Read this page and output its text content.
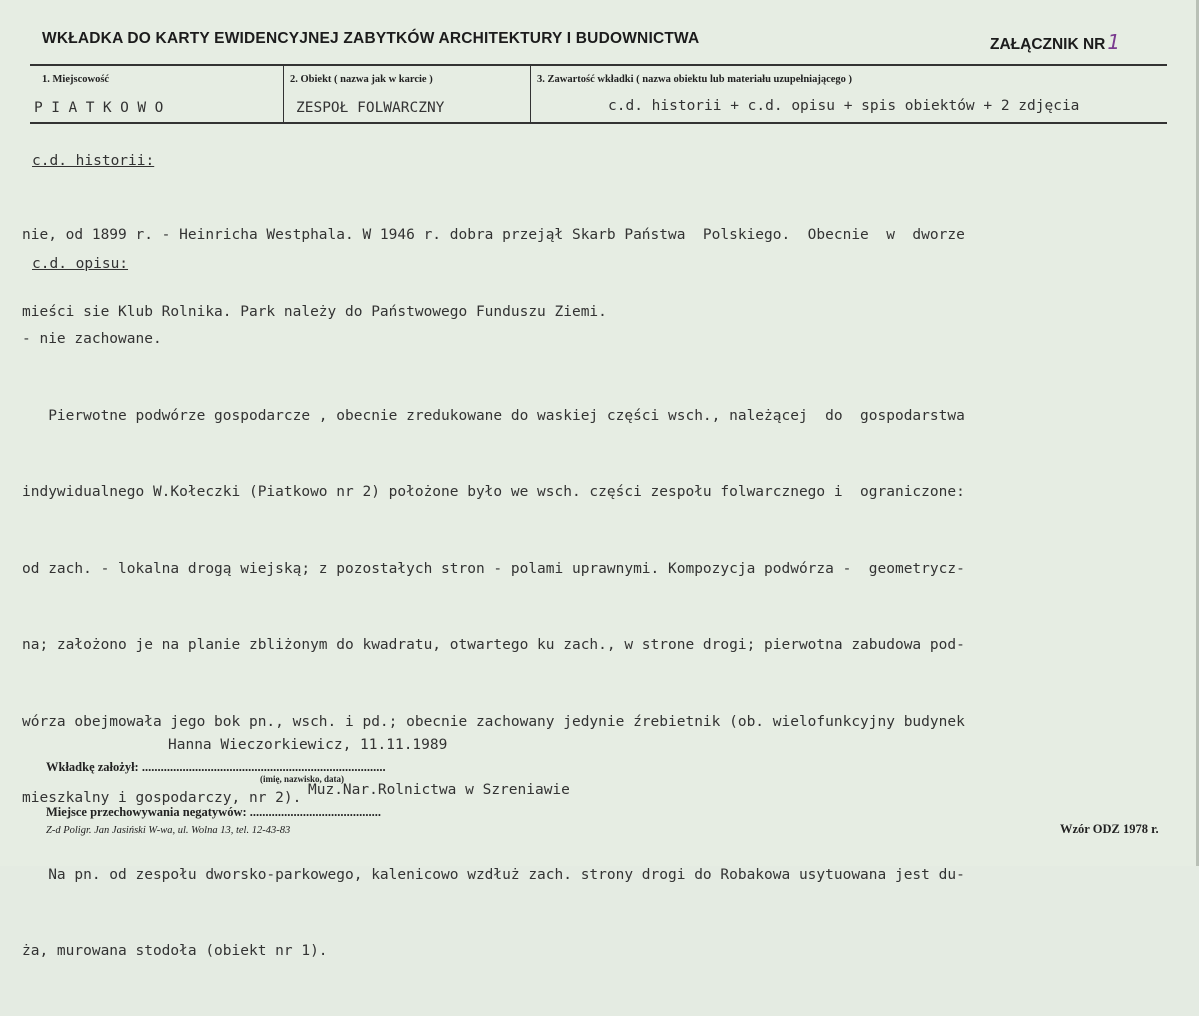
WKŁADKA DO KARTY EWIDENCYJNEJ ZABYTKÓW ARCHITEKTURY I BUDOWNICTWA	ZAŁĄCZNIK NR 1
1. Miejscowość
PIATKOWO
2. Obiekt ( nazwa jak w karcie )
ZESPOŁ FOLWARCZNY
3. Zawartość wkładki ( nazwa obiektu lub materiału uzupełniającego )
c.d. historii + c.d. opisu + spis obiektów + 2 zdjęcia
c.d. historii:

nie, od 1899 r. - Heinricha Westphala. W 1946 r. dobra przejął Skarb Państwa  Polskiego.  Obecnie  w  dworze

mieści sie Klub Rolnika. Park należy do Państwowego Funduszu Ziemi.

c.d. opisu:

- nie zachowane.

Pierwotne podwórze gospodarcze , obecnie zredukowane do waskiej części wsch., należącej  do  gospodarstwa

indywidualnego W.Kołeczki (Piatkowo nr 2) położone było we wsch. części zespołu folwarcznego i  ograniczone:

od zach. - lokalna drogą wiejską; z pozostałych stron - polami uprawnymi. Kompozycja podwórza -  geometrycz-

na; założono je na planie zbliżonym do kwadratu, otwartego ku zach., w strone drogi; pierwotna zabudowa pod-

wórza obejmowała jego bok pn., wsch. i pd.; obecnie zachowany jedynie źrebietnik (ob. wielofunkcyjny budynek

mieszkalny i gospodarczy, nr 2).

Na pn. od zespołu dworsko-parkowego, kalenicowo wzdłuż zach. strony drogi do Robakowa usytuowana jest du-

ża, murowana stodoła (obiekt nr 1).

Hanna Wieczorkiewicz, 11.11.1989
Wkładkę założył: ..............................................................................
(imię, nazwisko, data)
Muz.Nar.Rolnictwa w Szreniawie
Miejsce przechowywania negatywów: ..........................................
Z-d Poligr. Jan Jasiński W-wa, ul. Wolna 13, tel. 12-43-83	Wzór ODZ 1978 r.
